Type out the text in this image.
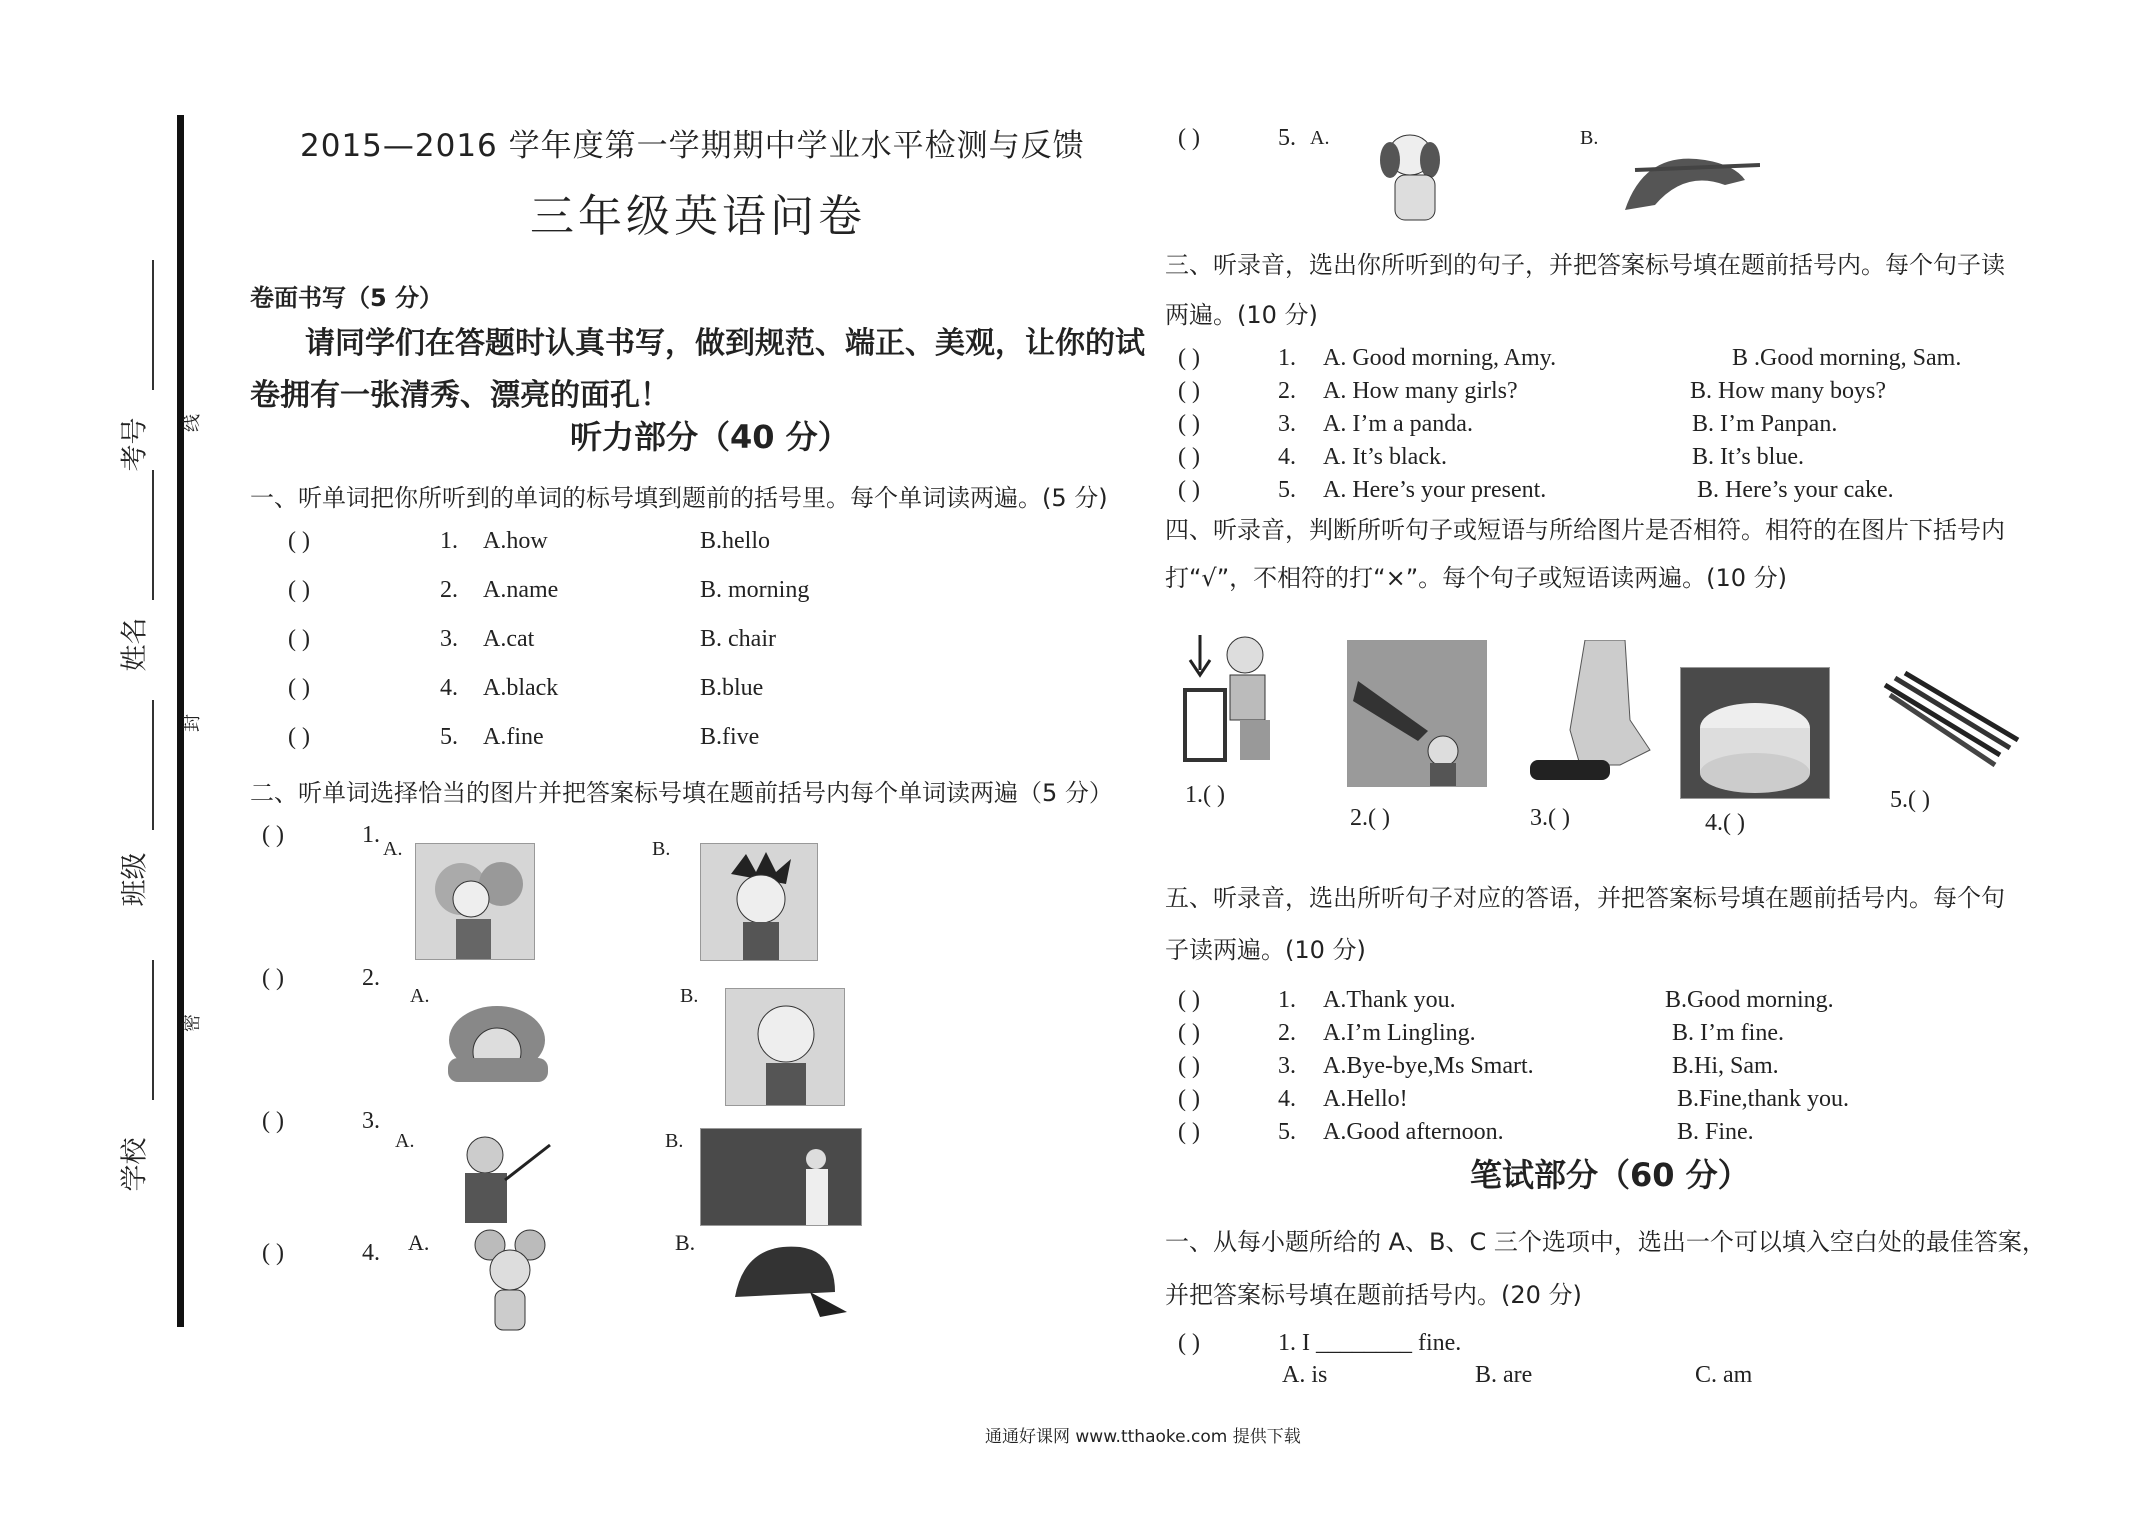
考号 线
姓名
封
班级
密
学校
2015—2016 学年度第一学期期中学业水平检测与反馈
三年级英语问卷
卷面书写（5 分）
请同学们在答题时认真书写，做到规范、端正、美观，让你的试
卷拥有一张清秀、漂亮的面孔！
听力部分（40 分）
一、听单词把你所听到的单词的标号填到题前的括号里。每个单词读两遍。(5 分)
( )	1. A.how	B.hello
( )	2. A.name	B. morning
( )	3. A.cat	B. chair
( )	4. A.black	B.blue
( )	5. A.fine	B.five
二、听单词选择恰当的图片并把答案标号填在题前括号内每个单词读两遍（5 分）
( )	1.
A.	B.
( )	2.
A.	B.
( )	3.
A.	B.
( )	4. A.	B.
( )	5. A.	B.
三、听录音，选出你所听到的句子，并把答案标号填在题前括号内。每个句子读
两遍。(10 分)
( )	1. A. Good morning, Amy.	B .Good morning, Sam.
( )	2. A. How many girls?	B. How many boys?
( )	3. A. I’m a panda.	B. I’m Panpan.
( )	4. A. It’s black.	B. It’s blue.
( )	5. A. Here’s your present.	B. Here’s your cake.
四、听录音，判断所听句子或短语与所给图片是否相符。相符的在图片下括号内
打“√”，不相符的打“×”。每个句子或短语读两遍。(10 分)
1.( )
2.( )	3.( )	4.( )
5.( )
五、听录音，选出所听句子对应的答语，并把答案标号填在题前括号内。每个句
子读两遍。(10 分)
( )	1. A.Thank you.	B.Good morning.
( )	2. A.I’m Lingling.	B. I’m fine.
( )	3. A.Bye-bye,Ms Smart.	B.Hi, Sam.
( )	4. A.Hello!	B.Fine,thank you.
( )	5. A.Good afternoon.	B. Fine.
笔试部分（60 分）
一、从每小题所给的 A、B、C 三个选项中，选出一个可以填入空白处的最佳答案，
并把答案标号填在题前括号内。(20 分)
( )	1. I ________ fine.
A. is	B. are	C. am
通通好课网 www.tthaoke.com 提供下载
